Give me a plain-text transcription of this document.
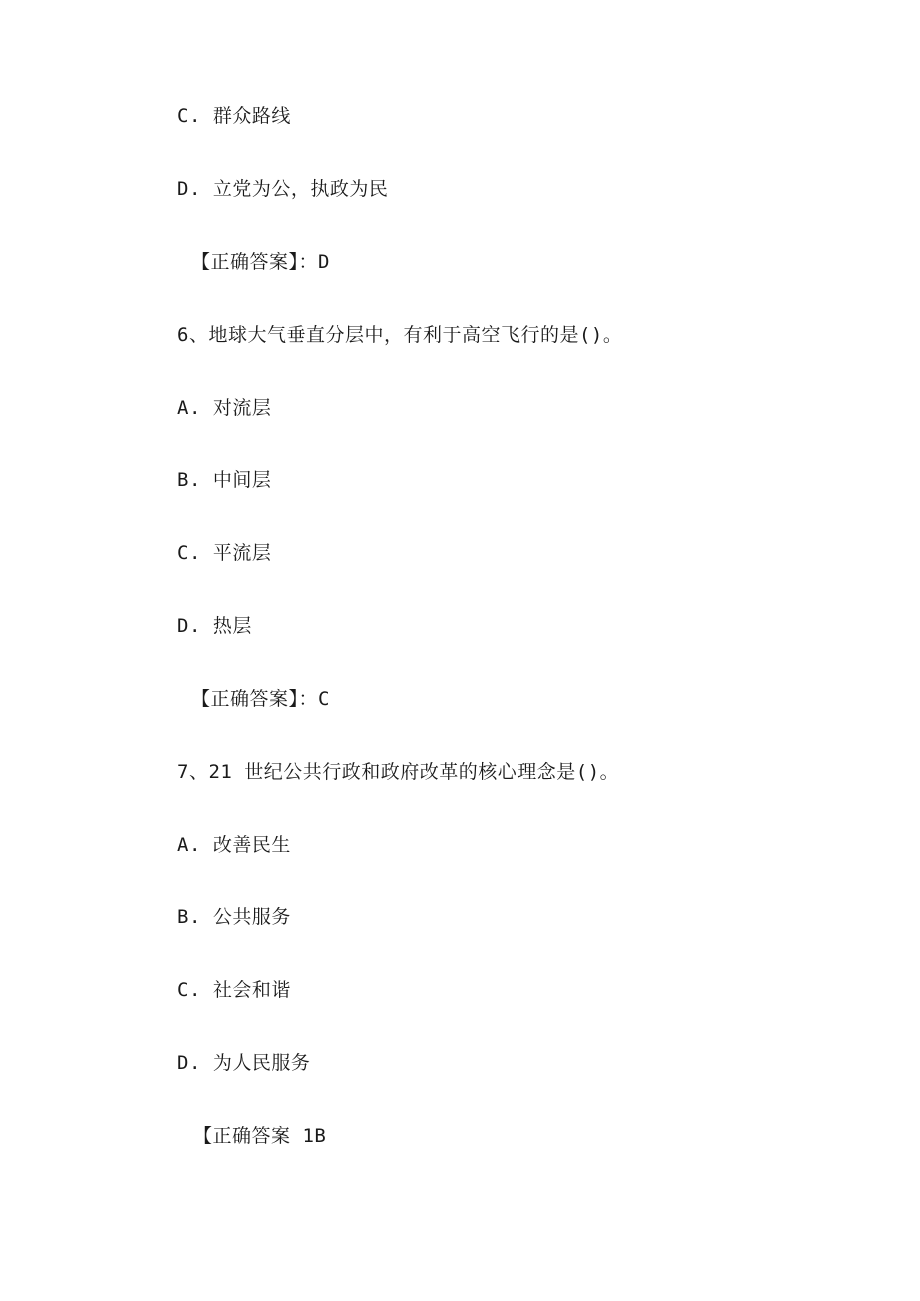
C. 群众路线
D. 立党为公，执政为民
【正确答案】：D
6、地球大气垂直分层中，有利于高空飞行的是()。
A. 对流层
B. 中间层
C. 平流层
D. 热层
【正确答案】：C
7、21 世纪公共行政和政府改革的核心理念是()。
A. 改善民生
B. 公共服务
C. 社会和谐
D. 为人民服务
【正确答案 1B
